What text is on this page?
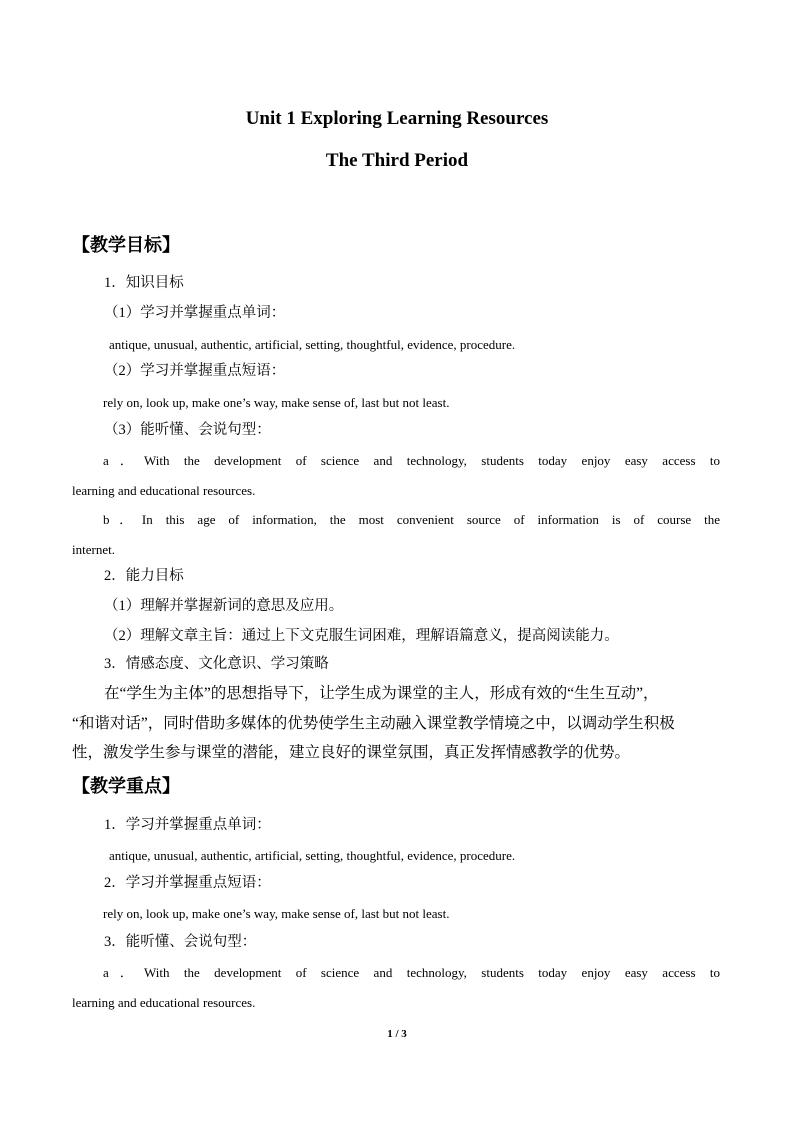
Unit 1 Exploring Learning Resources
The Third Period
【教学目标】
1．知识目标
（1）学习并掌握重点单词：
antique, unusual, authentic, artificial, setting, thoughtful, evidence, procedure.
（2）学习并掌握重点短语：
rely on, look up, make one’s way, make sense of, last but not least.
（3）能听懂、会说句型：
a．With the development of science and technology, students today enjoy easy access to
learning and educational resources.
b．In this age of information, the most convenient source of information is of course the
internet.
2．能力目标
（1）理解并掌握新词的意思及应用。
（2）理解文章主旨：通过上下文克服生词困难，理解语篇意义，提高阅读能力。
3．情感态度、文化意识、学习策略
在“学生为主体”的思想指导下，让学生成为课堂的主人，形成有效的“生生互动”，
“和谐对话”，同时借助多媒体的优势使学生主动融入课堂教学情境之中，以调动学生积极
性，激发学生参与课堂的潜能，建立良好的课堂氛围，真正发挥情感教学的优势。
【教学重点】
1．学习并掌握重点单词：
antique, unusual, authentic, artificial, setting, thoughtful, evidence, procedure.
2．学习并掌握重点短语：
rely on, look up, make one’s way, make sense of, last but not least.
3．能听懂、会说句型：
a．With the development of science and technology, students today enjoy easy access to
learning and educational resources.
1 / 3
